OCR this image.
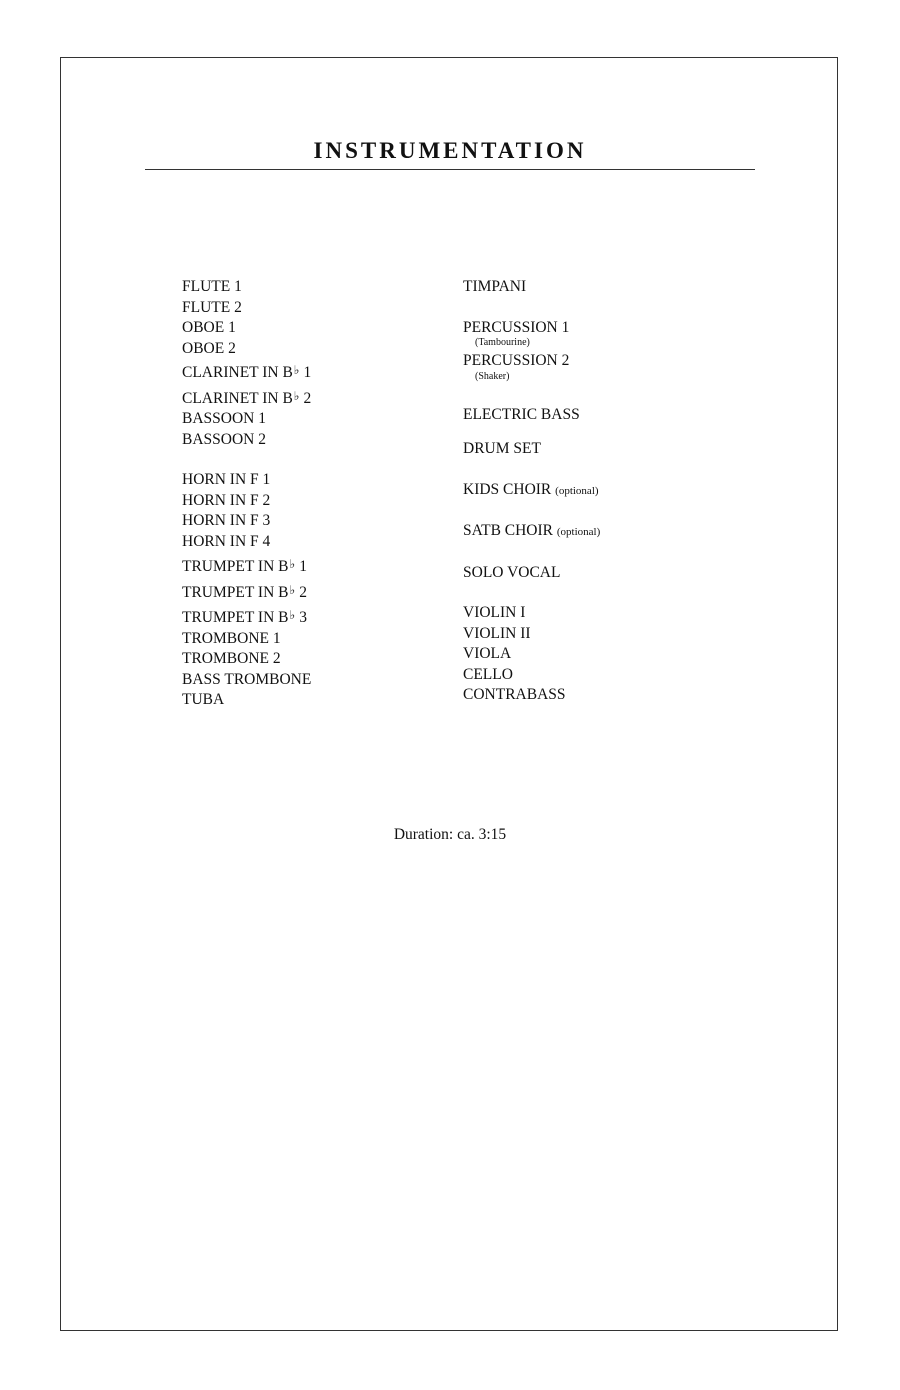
INSTRUMENTATION
FLUTE 1
FLUTE 2
OBOE 1
OBOE 2
CLARINET IN B♭ 1
CLARINET IN B♭ 2
BASSOON 1
BASSOON 2
HORN IN F 1
HORN IN F 2
HORN IN F 3
HORN IN F 4
TRUMPET IN B♭ 1
TRUMPET IN B♭ 2
TRUMPET IN B♭ 3
TROMBONE 1
TROMBONE 2
BASS TROMBONE
TUBA
TIMPANI
PERCUSSION 1
(Tambourine)
PERCUSSION 2
(Shaker)
ELECTRIC BASS
DRUM SET
KIDS CHOIR (optional)
SATB CHOIR (optional)
SOLO VOCAL
VIOLIN I
VIOLIN II
VIOLA
CELLO
CONTRABASS
Duration: ca. 3:15
